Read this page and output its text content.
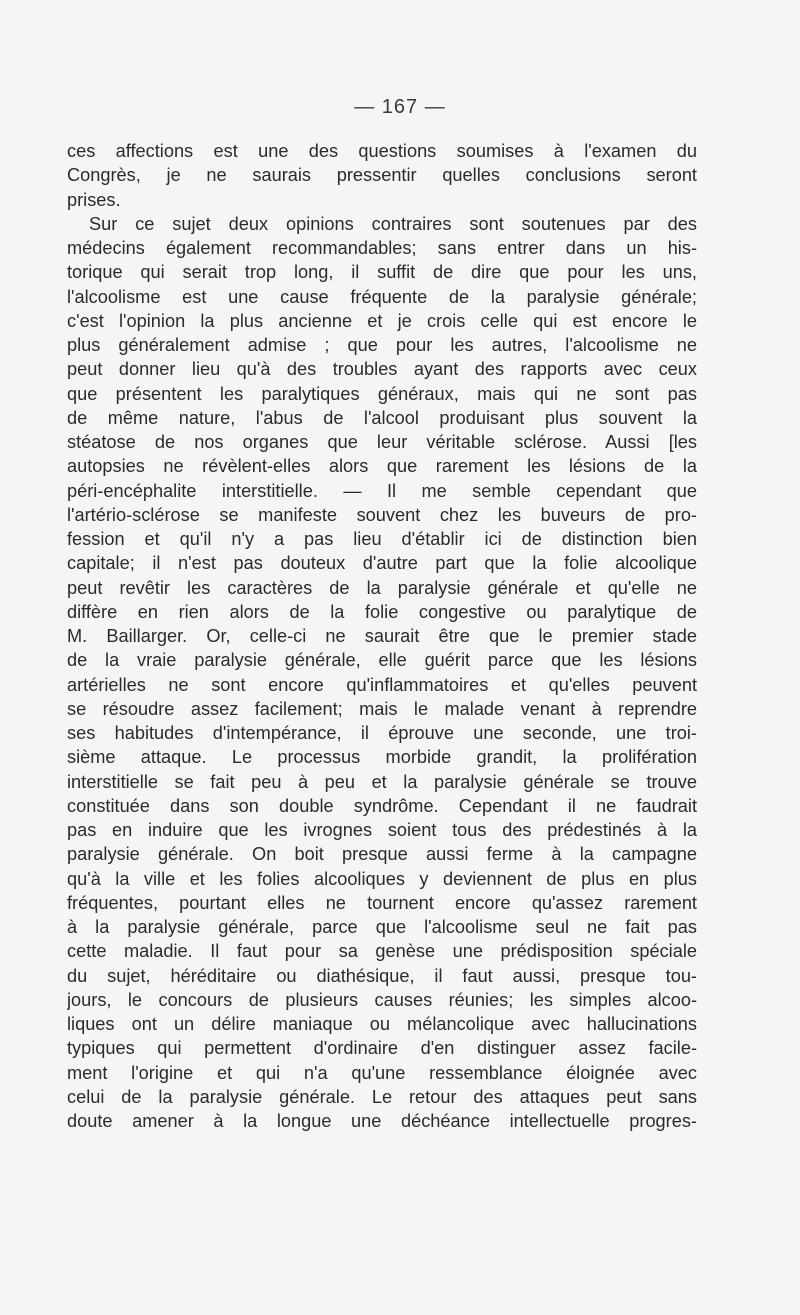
— 167 —
ces affections est une des questions soumises à l'examen du
Congrès, je ne saurais pressentir quelles conclusions seront
prises.
Sur ce sujet deux opinions contraires sont soutenues par des
médecins également recommandables; sans entrer dans un his-
torique qui serait trop long, il suffit de dire que pour les uns,
l'alcoolisme est une cause fréquente de la paralysie générale;
c'est l'opinion la plus ancienne et je crois celle qui est encore le
plus généralement admise ; que pour les autres, l'alcoolisme ne
peut donner lieu qu'à des troubles ayant des rapports avec ceux
que présentent les paralytiques généraux, mais qui ne sont pas
de même nature, l'abus de l'alcool produisant plus souvent la
stéatose de nos organes que leur véritable sclérose. Aussi [les
autopsies ne révèlent-elles alors que rarement les lésions de la
péri-encéphalite interstitielle. — Il me semble cependant que
l'artério-sclérose se manifeste souvent chez les buveurs de pro-
fession et qu'il n'y a pas lieu d'établir ici de distinction bien
capitale; il n'est pas douteux d'autre part que la folie alcoolique
peut revêtir les caractères de la paralysie générale et qu'elle ne
diffère en rien alors de la folie congestive ou paralytique de
M. Baillarger. Or, celle-ci ne saurait être que le premier stade
de la vraie paralysie générale, elle guérit parce que les lésions
artérielles ne sont encore qu'inflammatoires et qu'elles peuvent
se résoudre assez facilement; mais le malade venant à reprendre
ses habitudes d'intempérance, il éprouve une seconde, une troi-
sième attaque. Le processus morbide grandit, la prolifération
interstitielle se fait peu à peu et la paralysie générale se trouve
constituée dans son double syndrôme. Cependant il ne faudrait
pas en induire que les ivrognes soient tous des prédestinés à la
paralysie générale. On boit presque aussi ferme à la campagne
qu'à la ville et les folies alcooliques y deviennent de plus en plus
fréquentes, pourtant elles ne tournent encore qu'assez rarement
à la paralysie générale, parce que l'alcoolisme seul ne fait pas
cette maladie. Il faut pour sa genèse une prédisposition spéciale
du sujet, héréditaire ou diathésique, il faut aussi, presque tou-
jours, le concours de plusieurs causes réunies; les simples alcoo-
liques ont un délire maniaque ou mélancolique avec hallucinations
typiques qui permettent d'ordinaire d'en distinguer assez facile-
ment l'origine et qui n'a qu'une ressemblance éloignée avec
celui de la paralysie générale. Le retour des attaques peut sans
doute amener à la longue une déchéance intellectuelle progres-
